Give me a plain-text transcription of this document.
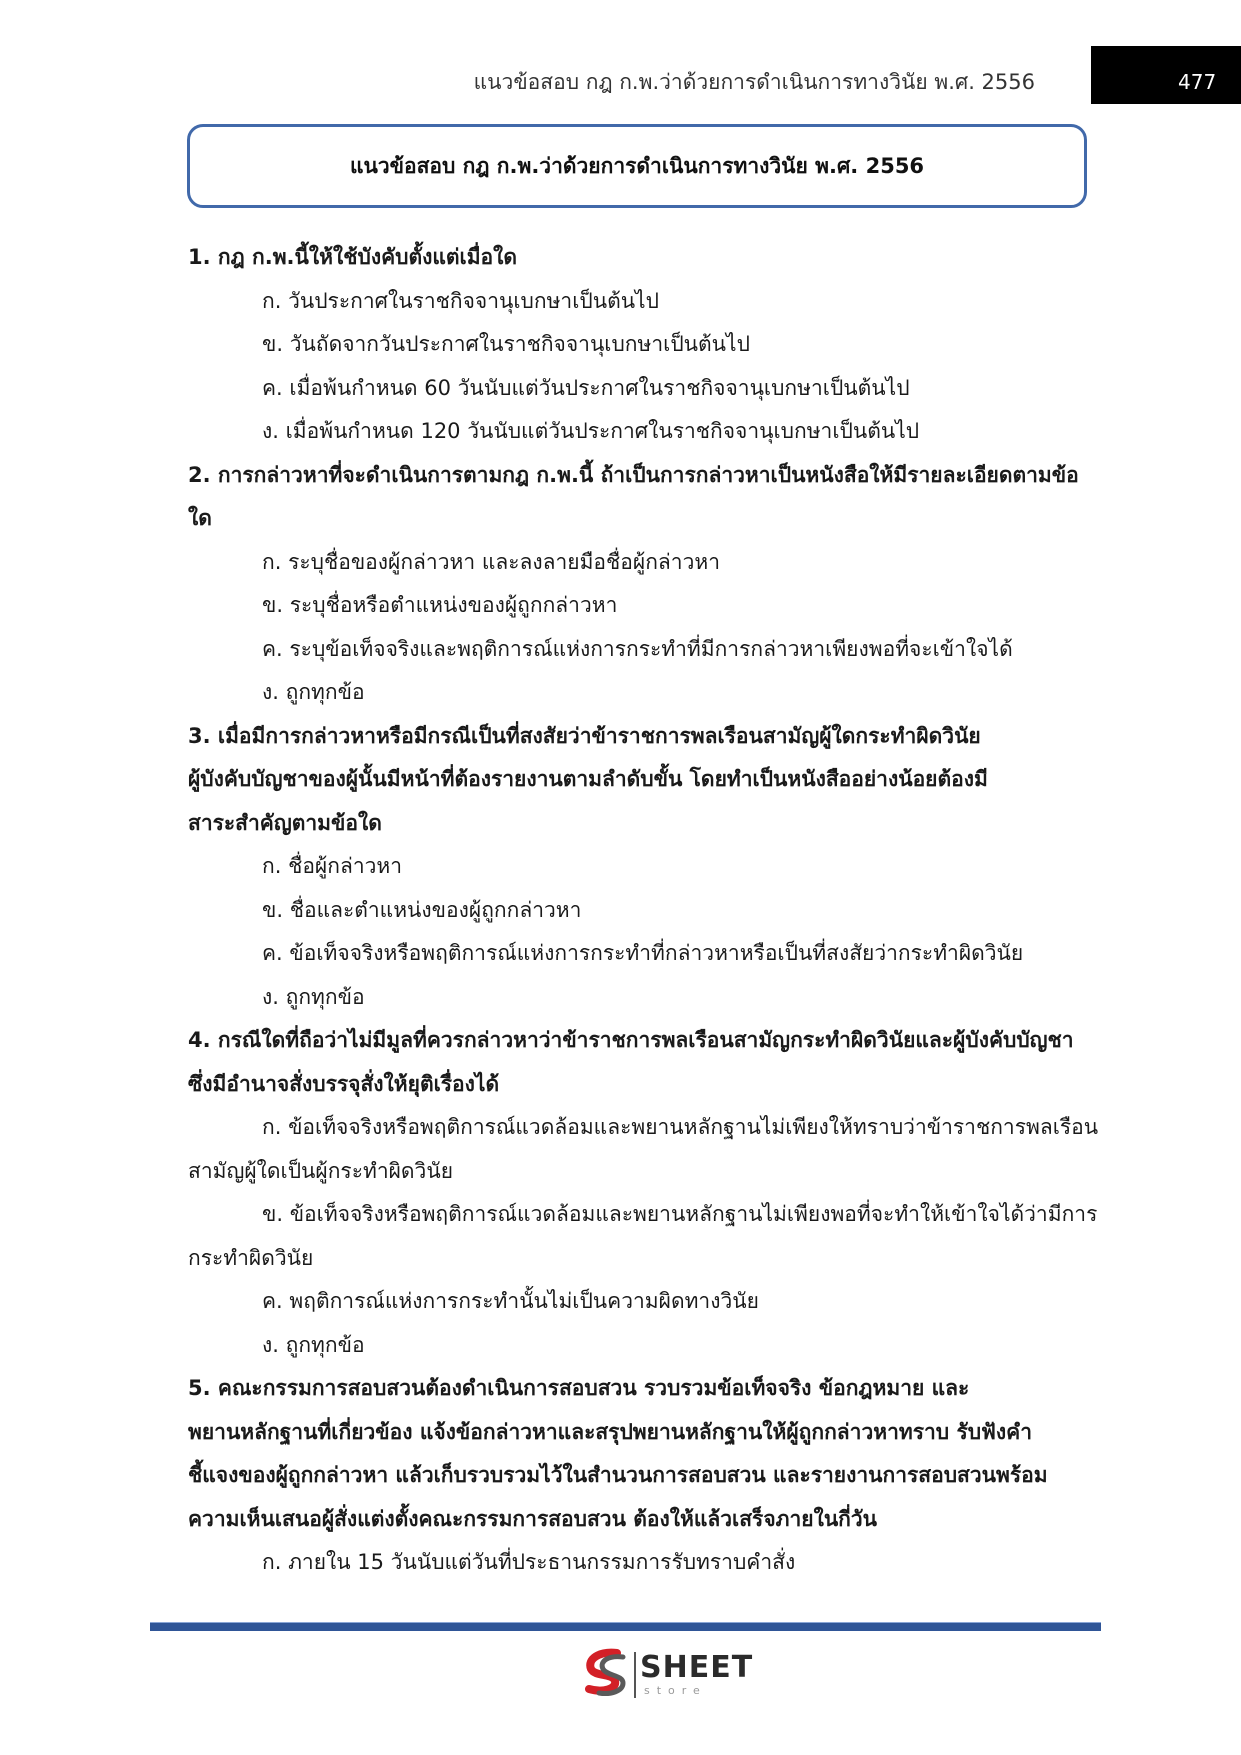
แนวข้อสอบ กฎ ก.พ.ว่าด้วยการดำเนินการทางวินัย พ.ศ. 2556	477
แนวข้อสอบ กฎ ก.พ.ว่าด้วยการดำเนินการทางวินัย พ.ศ. 2556
1. กฎ ก.พ.นี้ให้ใช้บังคับตั้งแต่เมื่อใด
ก. วันประกาศในราชกิจจานุเบกษาเป็นต้นไป
ข. วันถัดจากวันประกาศในราชกิจจานุเบกษาเป็นต้นไป
ค. เมื่อพ้นกำหนด 60 วันนับแต่วันประกาศในราชกิจจานุเบกษาเป็นต้นไป
ง. เมื่อพ้นกำหนด 120 วันนับแต่วันประกาศในราชกิจจานุเบกษาเป็นต้นไป
2. การกล่าวหาที่จะดำเนินการตามกฎ ก.พ.นี้ ถ้าเป็นการกล่าวหาเป็นหนังสือให้มีรายละเอียดตามข้อ
ใด
ก. ระบุชื่อของผู้กล่าวหา และลงลายมือชื่อผู้กล่าวหา
ข. ระบุชื่อหรือตำแหน่งของผู้ถูกกล่าวหา
ค. ระบุข้อเท็จจริงและพฤติการณ์แห่งการกระทำที่มีการกล่าวหาเพียงพอที่จะเข้าใจได้
ง. ถูกทุกข้อ
3. เมื่อมีการกล่าวหาหรือมีกรณีเป็นที่สงสัยว่าข้าราชการพลเรือนสามัญผู้ใดกระทำผิดวินัย
ผู้บังคับบัญชาของผู้นั้นมีหน้าที่ต้องรายงานตามลำดับขั้น โดยทำเป็นหนังสืออย่างน้อยต้องมี
สาระสำคัญตามข้อใด
ก. ชื่อผู้กล่าวหา
ข. ชื่อและตำแหน่งของผู้ถูกกล่าวหา
ค. ข้อเท็จจริงหรือพฤติการณ์แห่งการกระทำที่กล่าวหาหรือเป็นที่สงสัยว่ากระทำผิดวินัย
ง. ถูกทุกข้อ
4. กรณีใดที่ถือว่าไม่มีมูลที่ควรกล่าวหาว่าข้าราชการพลเรือนสามัญกระทำผิดวินัยและผู้บังคับบัญชา
ซึ่งมีอำนาจสั่งบรรจุสั่งให้ยุติเรื่องได้
ก. ข้อเท็จจริงหรือพฤติการณ์แวดล้อมและพยานหลักฐานไม่เพียงให้ทราบว่าข้าราชการพลเรือน
สามัญผู้ใดเป็นผู้กระทำผิดวินัย
ข. ข้อเท็จจริงหรือพฤติการณ์แวดล้อมและพยานหลักฐานไม่เพียงพอที่จะทำให้เข้าใจได้ว่ามีการ
กระทำผิดวินัย
ค. พฤติการณ์แห่งการกระทำนั้นไม่เป็นความผิดทางวินัย
ง. ถูกทุกข้อ
5. คณะกรรมการสอบสวนต้องดำเนินการสอบสวน รวบรวมข้อเท็จจริง ข้อกฎหมาย และ
พยานหลักฐานที่เกี่ยวข้อง แจ้งข้อกล่าวหาและสรุปพยานหลักฐานให้ผู้ถูกกล่าวหาทราบ รับฟังคำ
ชี้แจงของผู้ถูกกล่าวหา แล้วเก็บรวบรวมไว้ในสำนวนการสอบสวน และรายงานการสอบสวนพร้อม
ความเห็นเสนอผู้สั่งแต่งตั้งคณะกรรมการสอบสวน ต้องให้แล้วเสร็จภายในกี่วัน
ก. ภายใน 15 วันนับแต่วันที่ประธานกรรมการรับทราบคำสั่ง
SHEET
store
